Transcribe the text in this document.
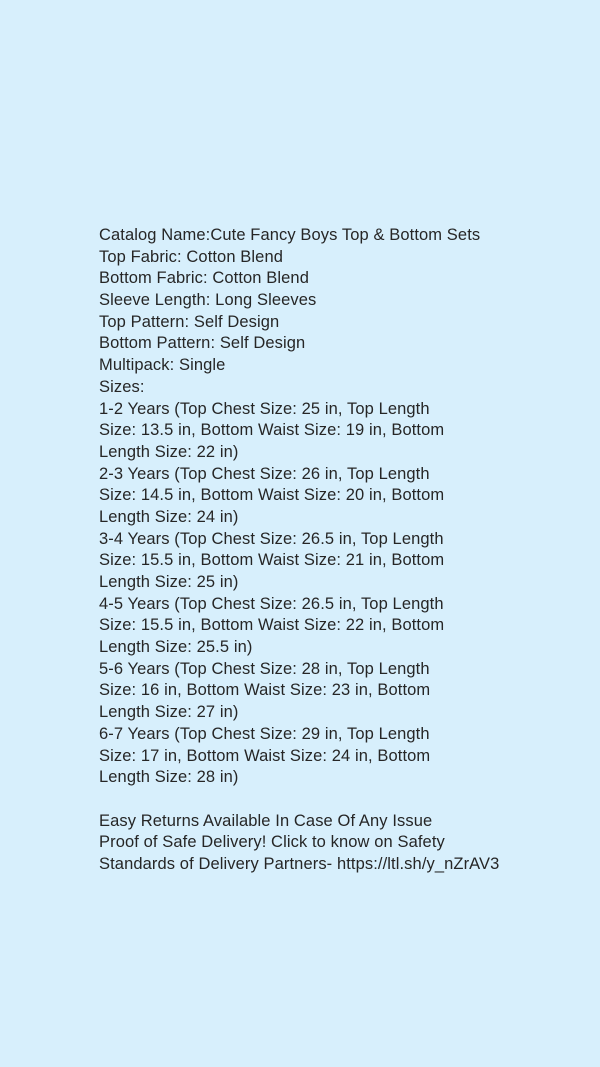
Catalog Name:Cute Fancy Boys Top & Bottom Sets
Top Fabric: Cotton Blend
Bottom Fabric: Cotton Blend
Sleeve Length: Long Sleeves
Top Pattern: Self Design
Bottom Pattern: Self Design
Multipack: Single
Sizes:
1-2 Years (Top Chest Size: 25 in, Top Length
Size: 13.5 in, Bottom Waist Size: 19 in, Bottom
Length Size: 22 in)
2-3 Years (Top Chest Size: 26 in, Top Length
Size: 14.5 in, Bottom Waist Size: 20 in, Bottom
Length Size: 24 in)
3-4 Years (Top Chest Size: 26.5 in, Top Length
Size: 15.5 in, Bottom Waist Size: 21 in, Bottom
Length Size: 25 in)
4-5 Years (Top Chest Size: 26.5 in, Top Length
Size: 15.5 in, Bottom Waist Size: 22 in, Bottom
Length Size: 25.5 in)
5-6 Years (Top Chest Size: 28 in, Top Length
Size: 16 in, Bottom Waist Size: 23 in, Bottom
Length Size: 27 in)
6-7 Years (Top Chest Size: 29 in, Top Length
Size: 17 in, Bottom Waist Size: 24 in, Bottom
Length Size: 28 in)
Easy Returns Available In Case Of Any Issue
Proof of Safe Delivery! Click to know on Safety
Standards of Delivery Partners- https://ltl.sh/y_nZrAV3
